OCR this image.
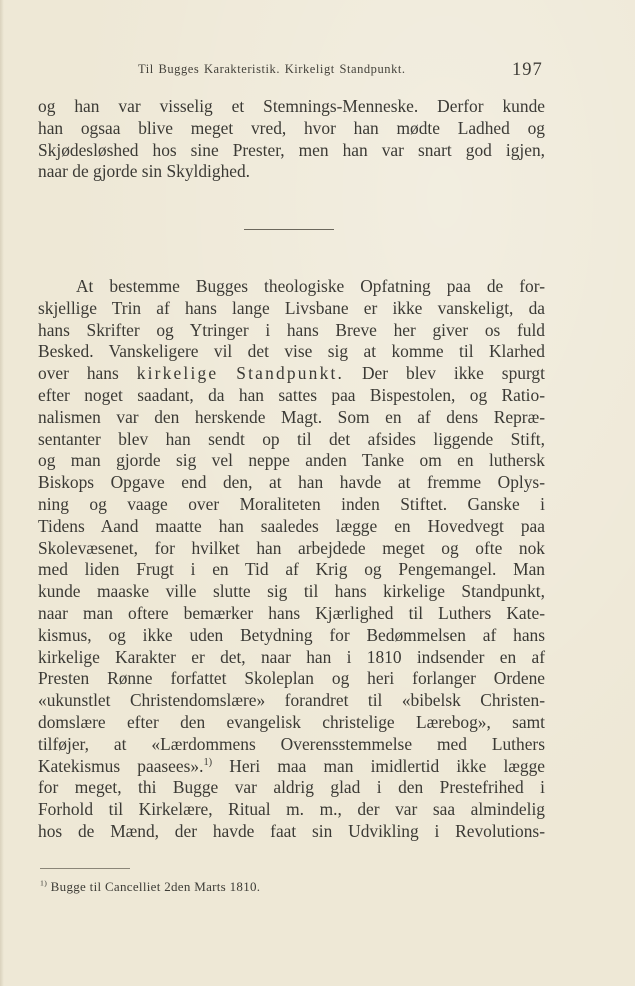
Til Bugges Karakteristik. Kirkeligt Standpunkt.	197
og han var visselig et Stemnings-Menneske. Derfor kunde
han ogsaa blive meget vred, hvor han mødte Ladhed og
Skjødesløshed hos sine Prester, men han var snart god igjen,
naar de gjorde sin Skyldighed.
At bestemme Bugges theologiske Opfatning paa de for-
skjellige Trin af hans lange Livsbane er ikke vanskeligt, da
hans Skrifter og Ytringer i hans Breve her giver os fuld
Besked. Vanskeligere vil det vise sig at komme til Klarhed
over hans kirkelige Standpunkt. Der blev ikke spurgt
efter noget saadant, da han sattes paa Bispestolen, og Ratio-
nalismen var den herskende Magt. Som en af dens Repræ-
sentanter blev han sendt op til det afsides liggende Stift,
og man gjorde sig vel neppe anden Tanke om en luthersk
Biskops Opgave end den, at han havde at fremme Oplys-
ning og vaage over Moraliteten inden Stiftet. Ganske i
Tidens Aand maatte han saaledes lægge en Hovedvegt paa
Skolevæsenet, for hvilket han arbejdede meget og ofte nok
med liden Frugt i en Tid af Krig og Pengemangel. Man
kunde maaske ville slutte sig til hans kirkelige Standpunkt,
naar man oftere bemærker hans Kjærlighed til Luthers Kate-
kismus, og ikke uden Betydning for Bedømmelsen af hans
kirkelige Karakter er det, naar han i 1810 indsender en af
Presten Rønne forfattet Skoleplan og heri forlanger Ordene
«ukunstlet Christendomslære» forandret til «bibelsk Christen-
domslære efter den evangelisk christelige Lærebog», samt
tilføjer, at «Lærdommens Overensstemmelse med Luthers
Katekismus paasees».$^{1)}$ Heri maa man imidlertid ikke lægge
for meget, thi Bugge var aldrig glad i den Prestefrihed i
Forhold til Kirkelære, Ritual m. m., der var saa almindelig
hos de Mænd, der havde faat sin Udvikling i Revolutions-
$^{1)}$ Bugge til Cancelliet 2den Marts 1810.
